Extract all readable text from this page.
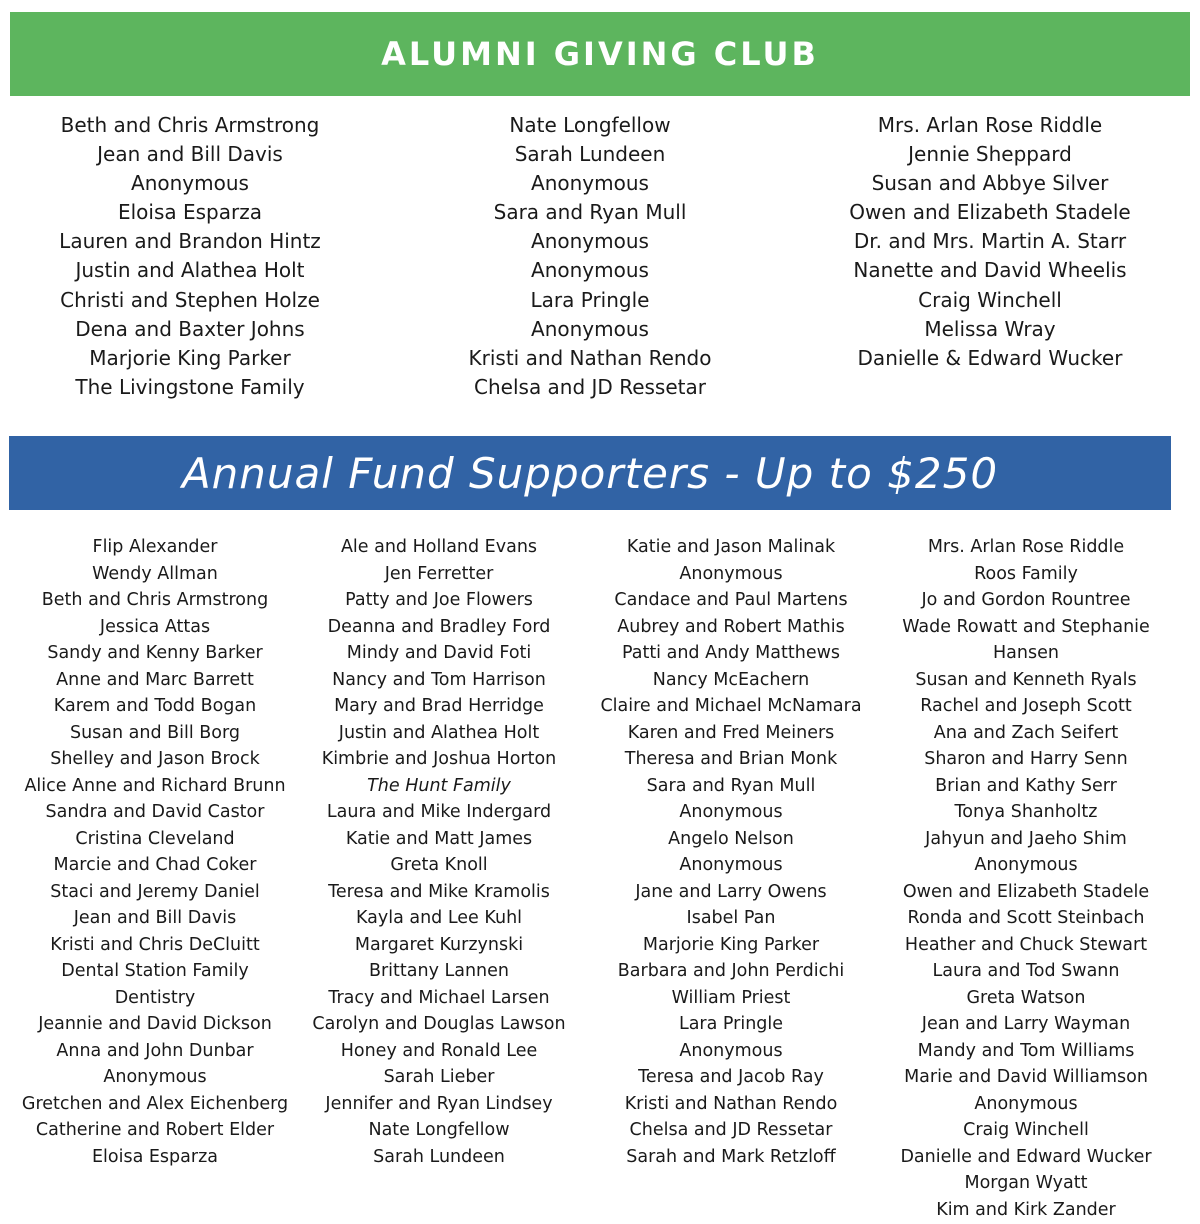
ALUMNI GIVING CLUB
Beth and Chris Armstrong
Jean and Bill Davis
Anonymous
Eloisa Esparza
Lauren and Brandon Hintz
Justin and Alathea Holt
Christi and Stephen Holze
Dena and Baxter Johns
Marjorie King Parker
The Livingstone Family
Nate Longfellow
Sarah Lundeen
Anonymous
Sara and Ryan Mull
Anonymous
Anonymous
Lara Pringle
Anonymous
Kristi and Nathan Rendo
Chelsa and JD Ressetar
Mrs. Arlan Rose Riddle
Jennie Sheppard
Susan and Abbye Silver
Owen and Elizabeth Stadele
Dr. and Mrs. Martin A. Starr
Nanette and David Wheelis
Craig Winchell
Melissa Wray
Danielle & Edward Wucker
Annual Fund Supporters - Up to $250
Flip Alexander
Wendy Allman
Beth and Chris Armstrong
Jessica Attas
Sandy and Kenny Barker
Anne and Marc Barrett
Karem and Todd Bogan
Susan and Bill Borg
Shelley and Jason Brock
Alice Anne and Richard Brunn
Sandra and David Castor
Cristina Cleveland
Marcie and Chad Coker
Staci and Jeremy Daniel
Jean and Bill Davis
Kristi and Chris DeCluitt
Dental Station Family
Dentistry
Jeannie and David Dickson
Anna and John Dunbar
Anonymous
Gretchen and Alex Eichenberg
Catherine and Robert Elder
Eloisa Esparza
Ale and Holland Evans
Jen Ferretter
Patty and Joe Flowers
Deanna and Bradley Ford
Mindy and David Foti
Nancy and Tom Harrison
Mary and Brad Herridge
Justin and Alathea Holt
Kimbrie and Joshua Horton
The Hunt Family
Laura and Mike Indergard
Katie and Matt James
Greta Knoll
Teresa and Mike Kramolis
Kayla and Lee Kuhl
Margaret Kurzynski
Brittany Lannen
Tracy and Michael Larsen
Carolyn and Douglas Lawson
Honey and Ronald Lee
Sarah Lieber
Jennifer and Ryan Lindsey
Nate Longfellow
Sarah Lundeen
Katie and Jason Malinak
Anonymous
Candace and Paul Martens
Aubrey and Robert Mathis
Patti and Andy Matthews
Nancy McEachern
Claire and Michael McNamara
Karen and Fred Meiners
Theresa and Brian Monk
Sara and Ryan Mull
Anonymous
Angelo Nelson
Anonymous
Jane and Larry Owens
Isabel Pan
Marjorie King Parker
Barbara and John Perdichi
William Priest
Lara Pringle
Anonymous
Teresa and Jacob Ray
Kristi and Nathan Rendo
Chelsa and JD Ressetar
Sarah and Mark Retzloff
Mrs. Arlan Rose Riddle
Roos Family
Jo and Gordon Rountree
Wade Rowatt and Stephanie
Hansen
Susan and Kenneth Ryals
Rachel and Joseph Scott
Ana and Zach Seifert
Sharon and Harry Senn
Brian and Kathy Serr
Tonya Shanholtz
Jahyun and Jaeho Shim
Anonymous
Owen and Elizabeth Stadele
Ronda and Scott Steinbach
Heather and Chuck Stewart
Laura and Tod Swann
Greta Watson
Jean and Larry Wayman
Mandy and Tom Williams
Marie and David Williamson
Anonymous
Craig Winchell
Danielle and Edward Wucker
Morgan Wyatt
Kim and Kirk Zander
